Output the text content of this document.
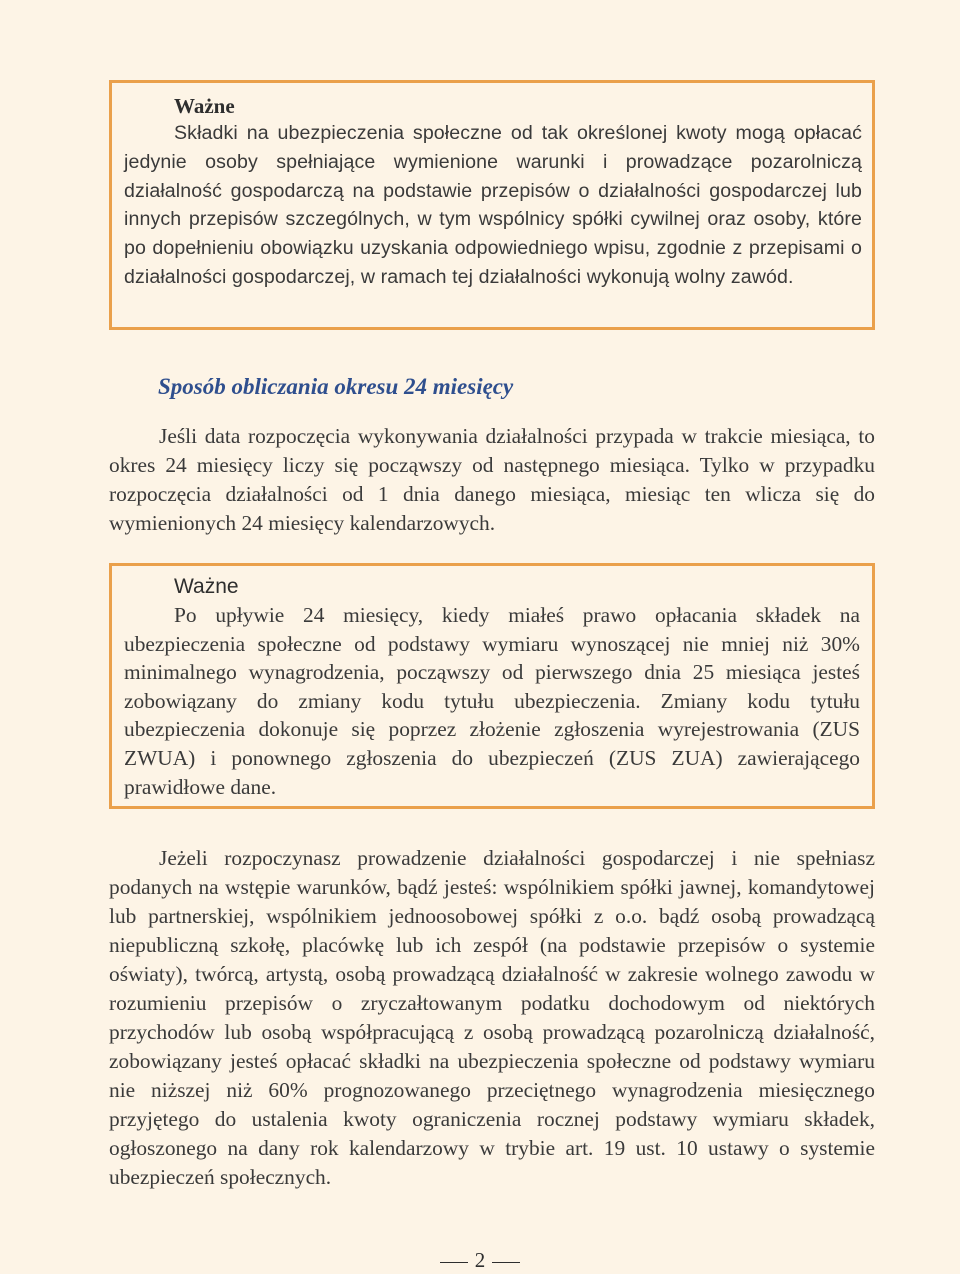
Ważne

Składki na ubezpieczenia społeczne od tak określonej kwoty mogą opłacać jedynie osoby spełniające wymienione warunki i prowadzące pozarolniczą działalność gospodarczą na podstawie przepisów o działalności gospodarczej lub innych przepisów szczególnych, w tym wspólnicy spółki cywilnej oraz osoby, które po dopełnieniu obowiązku uzyskania odpowiedniego wpisu, zgodnie z przepisami o działalności gospodarczej, w ramach tej działalności wykonują wolny zawód.

Sposób obliczania okresu 24 miesięcy

Jeśli data rozpoczęcia wykonywania działalności przypada w trakcie miesiąca, to okres 24 miesięcy liczy się począwszy od następnego miesiąca. Tylko w przypadku rozpoczęcia działalności od 1 dnia danego miesiąca, miesiąc ten wlicza się do wymienionych 24 miesięcy kalendarzowych.

Ważne

Po upływie 24 miesięcy, kiedy miałeś prawo opłacania składek na ubezpieczenia społeczne od podstawy wymiaru wynoszącej nie mniej niż 30% minimalnego wynagrodzenia, począwszy od pierwszego dnia 25 miesiąca jesteś zobowiązany do zmiany kodu tytułu ubezpieczenia. Zmiany kodu tytułu ubezpieczenia dokonuje się poprzez złożenie zgłoszenia wyrejestrowania (ZUS ZWUA) i ponownego zgłoszenia do ubezpieczeń (ZUS ZUA) zawierającego prawidłowe dane.

Jeżeli rozpoczynasz prowadzenie działalności gospodarczej i nie spełniasz podanych na wstępie warunków, bądź jesteś: wspólnikiem spółki jawnej, komandytowej lub partnerskiej, wspólnikiem jednoosobowej spółki z o.o. bądź osobą prowadzącą niepubliczną szkołę, placówkę lub ich zespół (na podstawie przepisów o systemie oświaty), twórcą, artystą, osobą prowadzącą działalność w zakresie wolnego zawodu w rozumieniu przepisów o zryczałtowanym podatku dochodowym od niektórych przychodów lub osobą współpracującą z osobą prowadzącą pozarolniczą działalność, zobowiązany jesteś opłacać składki na ubezpieczenia społeczne od podstawy wymiaru nie niższej niż 60% prognozowanego przeciętnego wynagrodzenia miesięcznego przyjętego do ustalenia kwoty ograniczenia rocznej podstawy wymiaru składek, ogłoszonego na dany rok kalendarzowy w trybie art. 19 ust. 10 ustawy o systemie ubezpieczeń społecznych.

2
